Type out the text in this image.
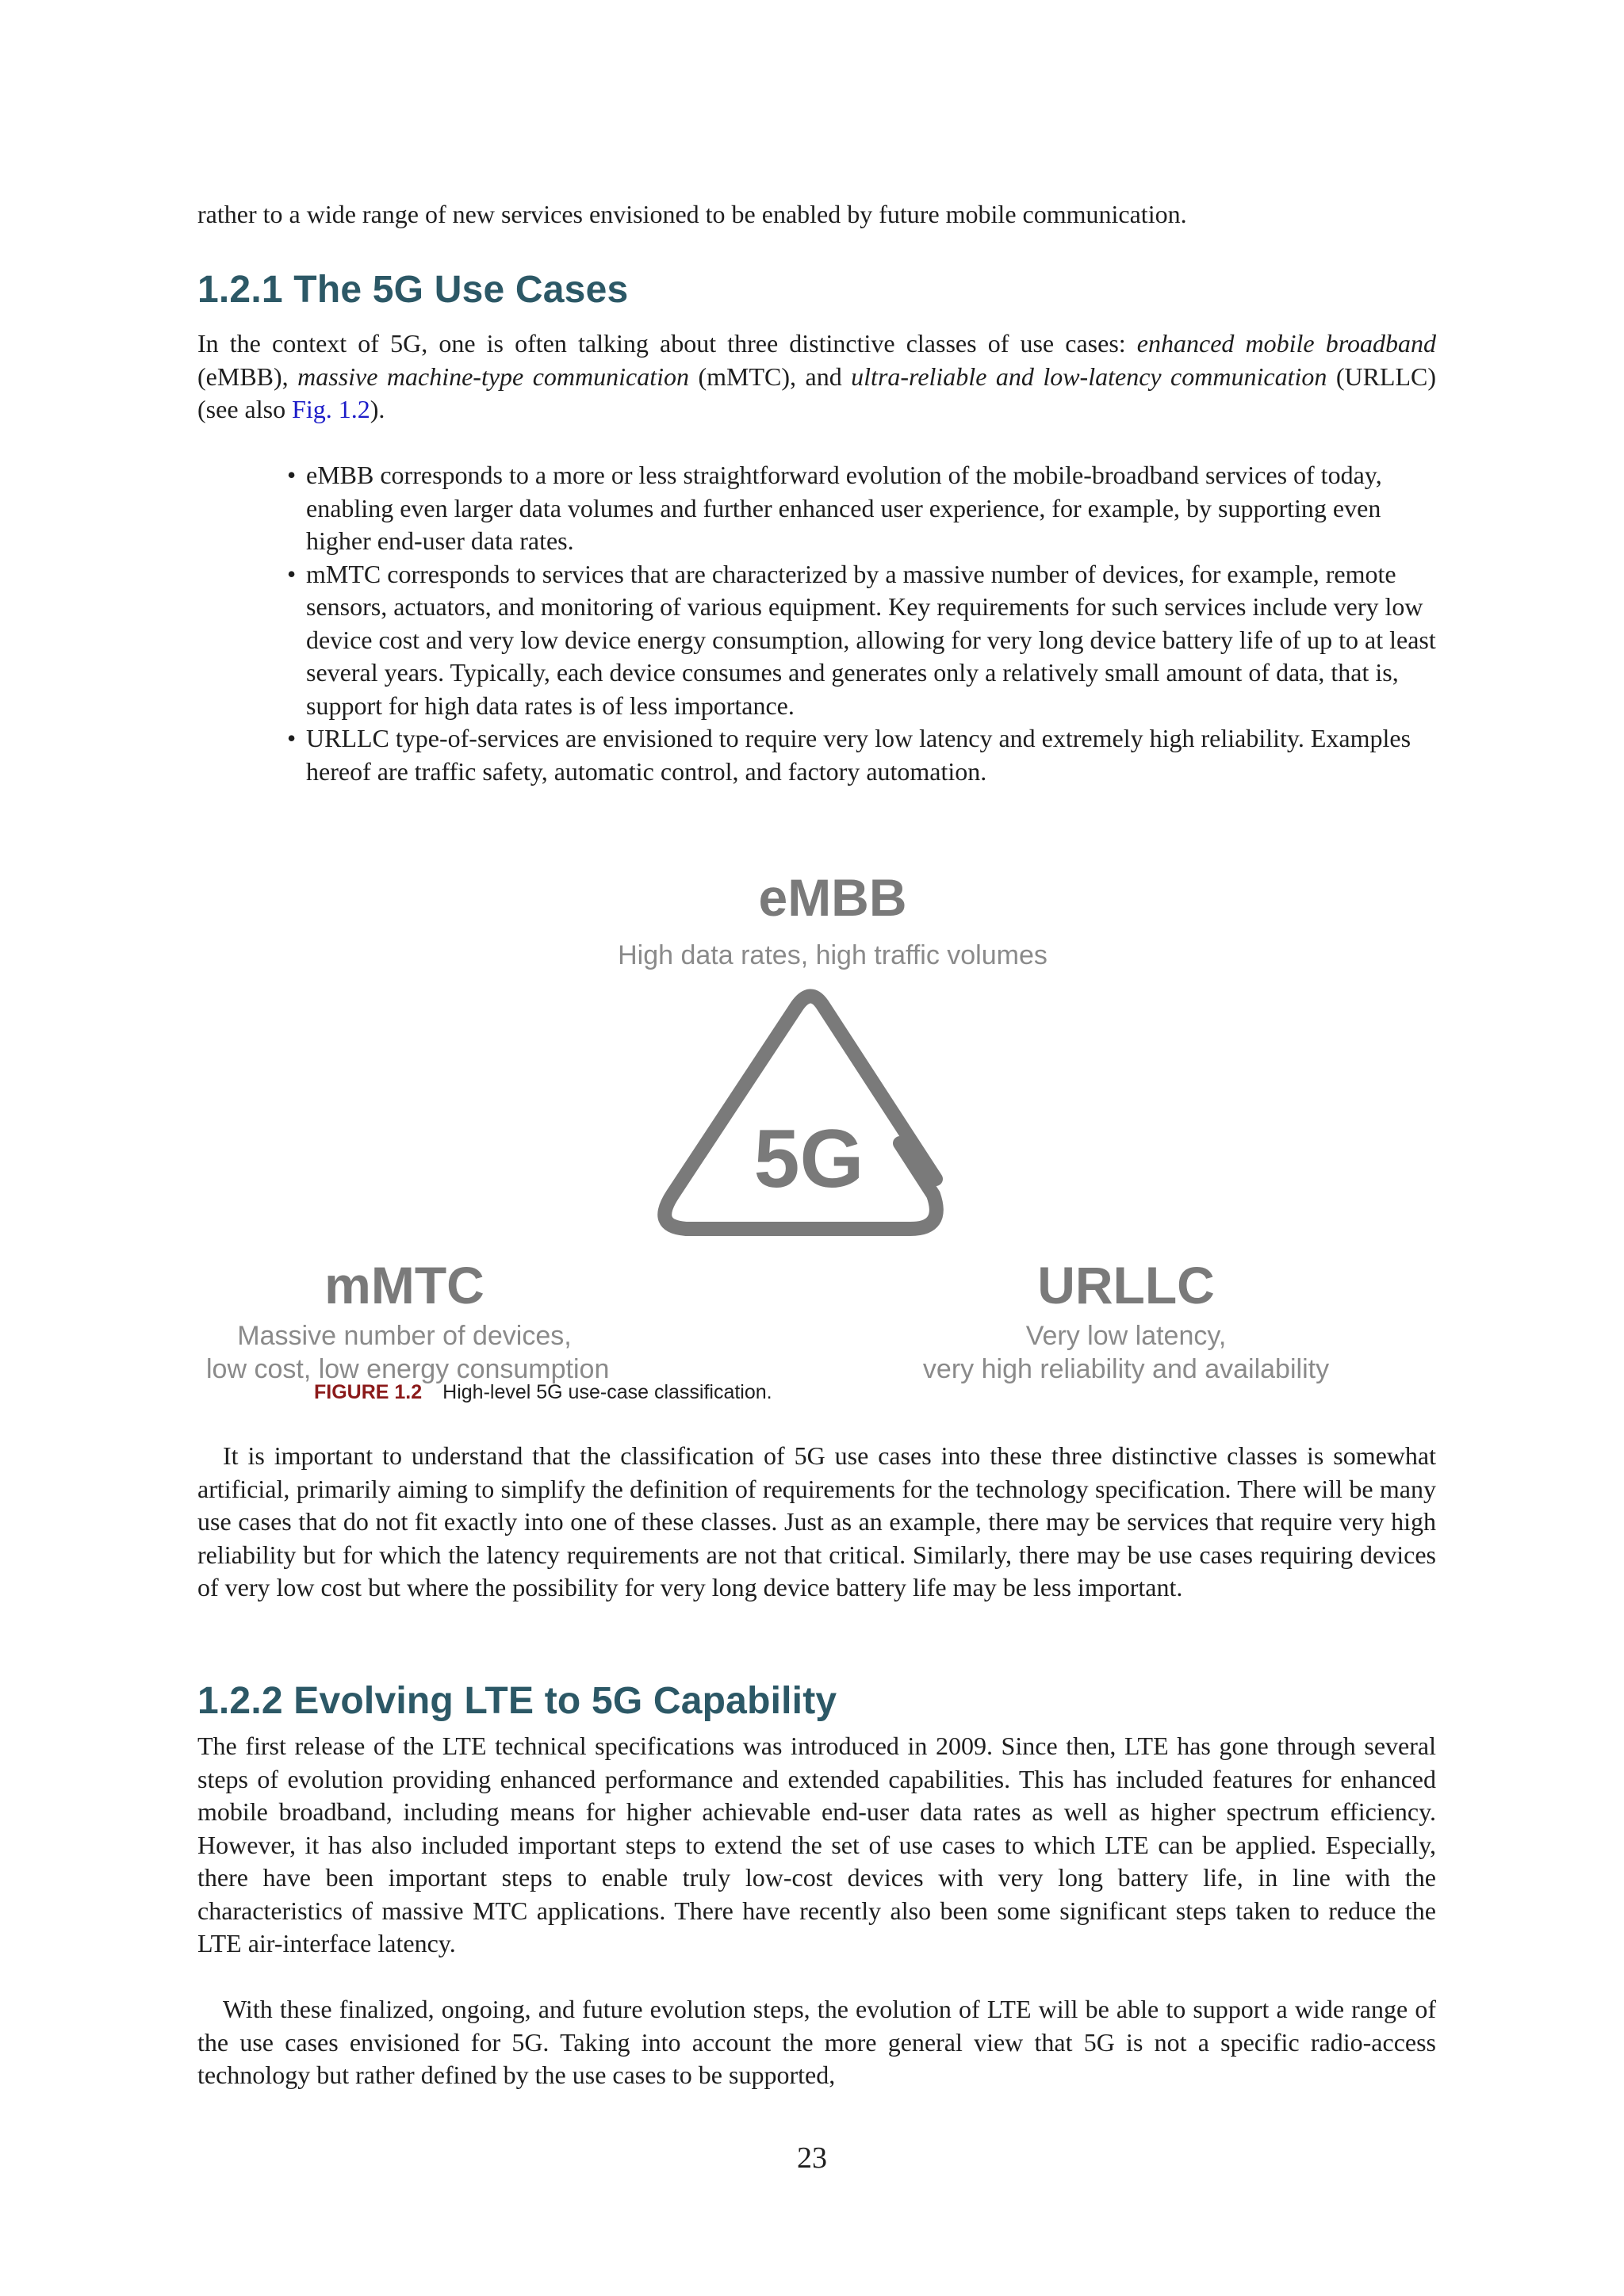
rather to a wide range of new services envisioned to be enabled by future mobile communication.
1.2.1 The 5G Use Cases
In the context of 5G, one is often talking about three distinctive classes of use cases: enhanced mobile broadband (eMBB), massive machine-type communication (mMTC), and ultra-reliable and low-latency communication (URLLC) (see also Fig. 1.2).
• eMBB corresponds to a more or less straightforward evolution of the mobile-broadband services of today, enabling even larger data volumes and further enhanced user experience, for example, by supporting even higher end-user data rates.
• mMTC corresponds to services that are characterized by a massive number of devices, for example, remote sensors, actuators, and monitoring of various equipment. Key requirements for such services include very low device cost and very low device energy consumption, allowing for very long device battery life of up to at least several years. Typically, each device consumes and generates only a relatively small amount of data, that is, support for high data rates is of less importance.
• URLLC type-of-services are envisioned to require very low latency and extremely high reliability. Examples hereof are traffic safety, automatic control, and factory automation.
eMBB
High data rates, high traffic volumes
5G
mMTC
Massive number of devices,
low cost, low energy consumption
URLLC
Very low latency,
very high reliability and availability
FIGURE 1.2 High-level 5G use-case classification.
It is important to understand that the classification of 5G use cases into these three distinctive classes is somewhat artificial, primarily aiming to simplify the definition of requirements for the technology specification. There will be many use cases that do not fit exactly into one of these classes. Just as an example, there may be services that require very high reliability but for which the latency requirements are not that critical. Similarly, there may be use cases requiring devices of very low cost but where the possibility for very long device battery life may be less important.
1.2.2 Evolving LTE to 5G Capability
The first release of the LTE technical specifications was introduced in 2009. Since then, LTE has gone through several steps of evolution providing enhanced performance and extended capabilities. This has included features for enhanced mobile broadband, including means for higher achievable end-user data rates as well as higher spectrum efficiency. However, it has also included important steps to extend the set of use cases to which LTE can be applied. Especially, there have been important steps to enable truly low-cost devices with very long battery life, in line with the characteristics of massive MTC applications. There have recently also been some significant steps taken to reduce the LTE air-interface latency.
With these finalized, ongoing, and future evolution steps, the evolution of LTE will be able to support a wide range of the use cases envisioned for 5G. Taking into account the more general view that 5G is not a specific radio-access technology but rather defined by the use cases to be supported,
23
